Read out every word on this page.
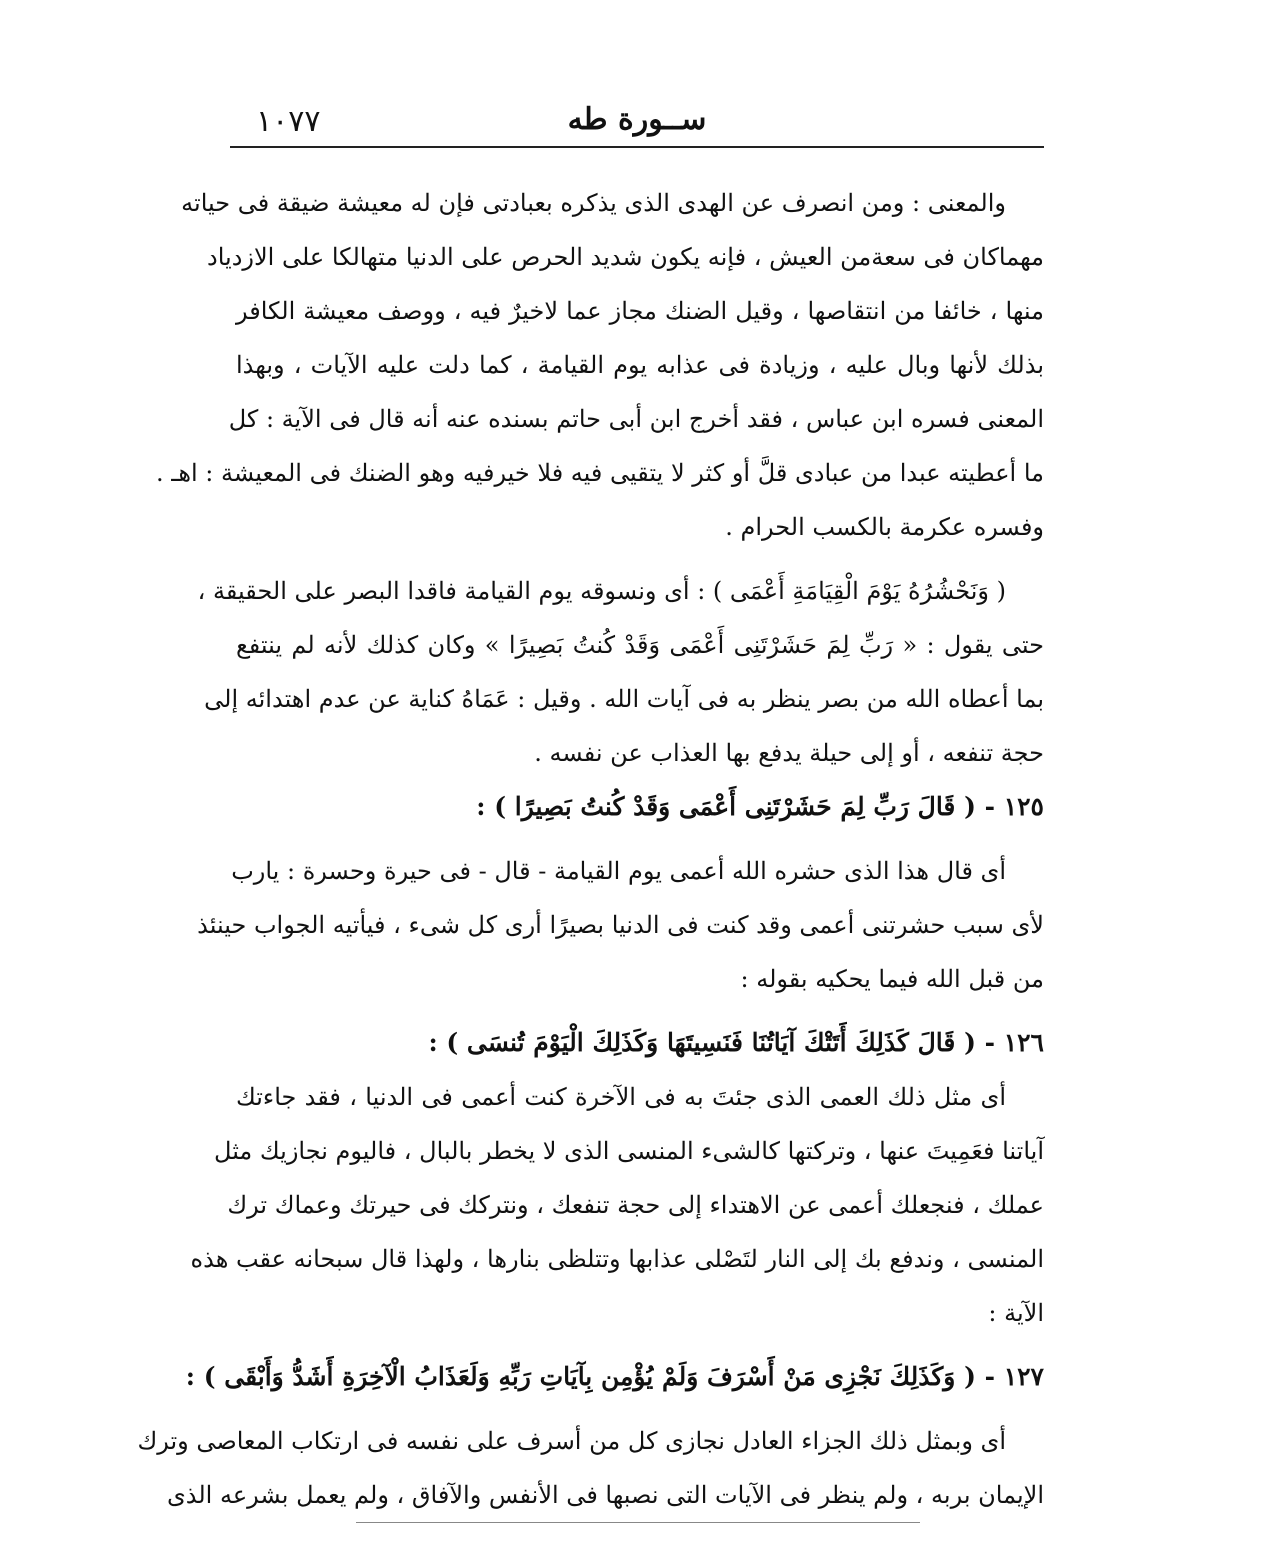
ســورة طه
١٠٧٧
والمعنى : ومن انصرف عن الهدى الذى يذكره بعبادتى فإن له معيشة ضيقة فى حياته
مهماكان فى سعةمن العيش ، فإنه يكون شديد الحرص على الدنيا متهالكا على الازدياد
منها ، خائفا من انتقاصها ، وقيل الضنك مجاز عما لاخيرٌ فيه ، ووصف معيشة الكافر
بذلك لأنها وبال عليه ، وزيادة فى عذابه يوم القيامة ، كما دلت عليه الآيات ، وبهذا
المعنى فسره ابن عباس ، فقد أخرج ابن أبى حاتم بسنده عنه أنه قال فى الآية : كل
ما أعطيته عبدا من عبادى قلَّ أو كثر لا يتقيى فيه فلا خيرفيه وهو الضنك فى المعيشة : اهـ .
وفسره عكرمة بالكسب الحرام .
( وَنَحْشُرُهُ يَوْمَ الْقِيَامَةِ أَعْمَى ) : أى ونسوقه يوم القيامة فاقدا البصر على الحقيقة ،
حتى يقول : « رَبِّ لِمَ حَشَرْتَنِى أَعْمَى وَقَدْ كُنتُ بَصِيرًا » وكان كذلك لأنه لم ينتفع
بما أعطاه الله من بصر ينظر به فى آيات الله . وقيل : عَمَاهُ كناية عن عدم اهتدائه إلى
حجة تنفعه ، أو إلى حيلة يدفع بها العذاب عن نفسه .
١٢٥ - ( قَالَ رَبِّ لِمَ حَشَرْتَنِى أَعْمَى وَقَدْ كُنتُ بَصِيرًا ) :
أى قال هذا الذى حشره الله أعمى يوم القيامة - قال - فى حيرة وحسرة : يارب
لأى سبب حشرتنى أعمى وقد كنت فى الدنيا بصيرًا أرى كل شىء ، فيأتيه الجواب حينئذ
من قبل الله فيما يحكيه بقوله :
١٢٦ - ( قَالَ كَذَلِكَ أَتَتْكَ آيَاتُنَا فَنَسِيتَهَا وَكَذَلِكَ الْيَوْمَ تُنسَى ) :
أى مثل ذلك العمى الذى جئتَ به فى الآخرة كنت أعمى فى الدنيا ، فقد جاءتك
آياتنا فعَمِيتَ عنها ، وتركتها كالشىء المنسى الذى لا يخطر بالبال ، فاليوم نجازيك مثل
عملك ، فنجعلك أعمى عن الاهتداء إلى حجة تنفعك ، ونتركك فى حيرتك وعماك ترك
المنسى ، وندفع بك إلى النار لتَصْلى عذابها وتتلظى بنارها ، ولهذا قال سبحانه عقب هذه
الآية :
١٢٧ - ( وَكَذَلِكَ نَجْزِى مَنْ أَسْرَفَ وَلَمْ يُؤْمِن بِآيَاتِ رَبِّهِ وَلَعَذَابُ الْآخِرَةِ أَشَدُّ وَأَبْقَى ) :
أى وبمثل ذلك الجزاء العادل نجازى كل من أسرف على نفسه فى ارتكاب المعاصى وترك
الإيمان بربه ، ولم ينظر فى الآيات التى نصبها فى الأنفس والآفاق ، ولم يعمل بشرعه الذى
